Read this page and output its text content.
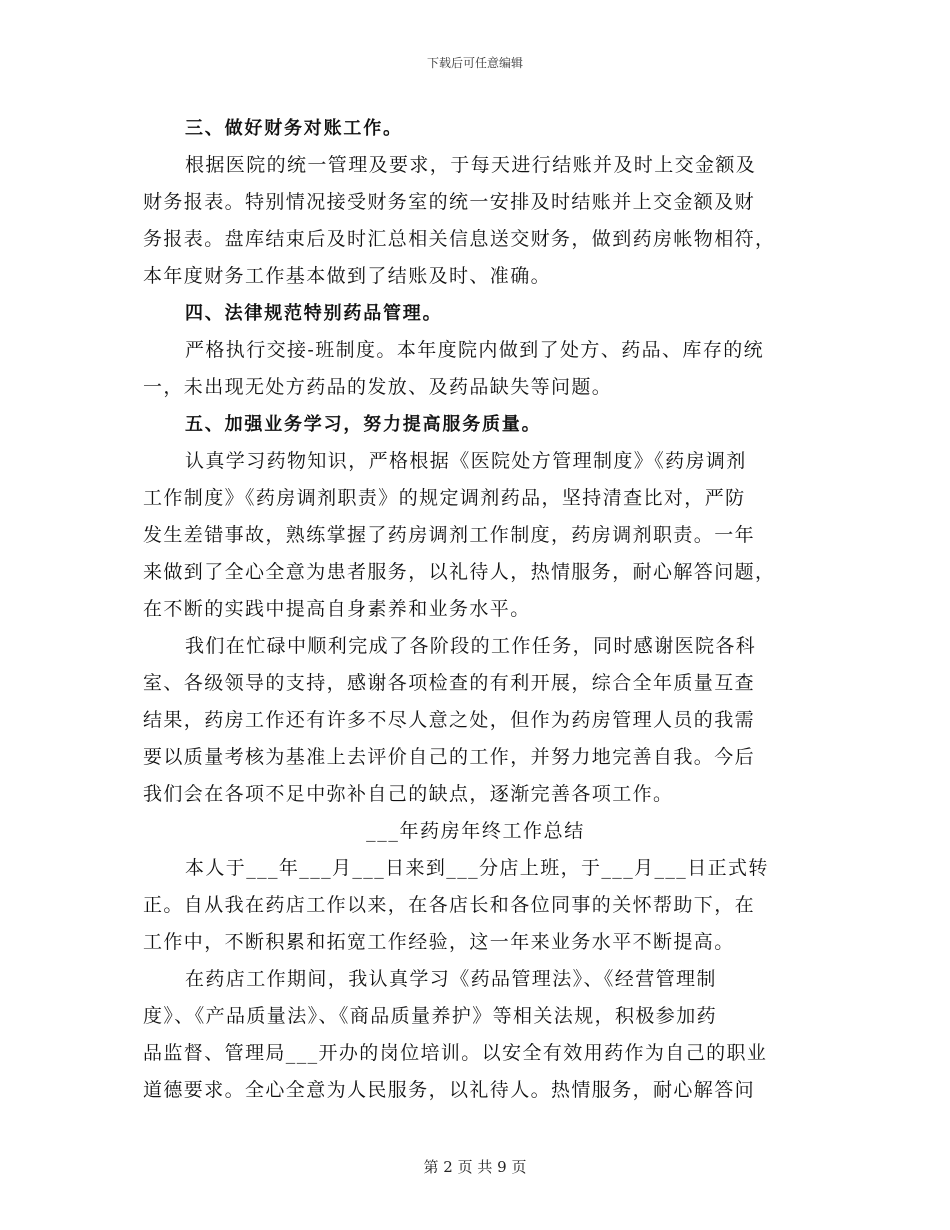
下载后可任意编辑
三、做好财务对账工作。
根据医院的统一管理及要求，于每天进行结账并及时上交金额及
财务报表。特别情况接受财务室的统一安排及时结账并上交金额及财
务报表。盘库结束后及时汇总相关信息送交财务，做到药房帐物相符，
本年度财务工作基本做到了结账及时、准确。
四、法律规范特别药品管理。
严格执行交接-班制度。本年度院内做到了处方、药品、库存的统
一，未出现无处方药品的发放、及药品缺失等问题。
五、加强业务学习，努力提高服务质量。
认真学习药物知识，严格根据《医院处方管理制度》《药房调剂
工作制度》《药房调剂职责》的规定调剂药品，坚持清查比对，严防
发生差错事故，熟练掌握了药房调剂工作制度，药房调剂职责。一年
来做到了全心全意为患者服务，以礼待人，热情服务，耐心解答问题，
在不断的实践中提高自身素养和业务水平。
我们在忙碌中顺利完成了各阶段的工作任务，同时感谢医院各科
室、各级领导的支持，感谢各项检查的有利开展，综合全年质量互查
结果，药房工作还有许多不尽人意之处，但作为药房管理人员的我需
要以质量考核为基准上去评价自己的工作，并努力地完善自我。今后
我们会在各项不足中弥补自己的缺点，逐渐完善各项工作。
___年药房年终工作总结
本人于___年___月___日来到___分店上班，于___月___日正式转
正。自从我在药店工作以来，在各店长和各位同事的关怀帮助下，在
工作中，不断积累和拓宽工作经验，这一年来业务水平不断提高。
在药店工作期间，我认真学习《药品管理法》、《经营管理制
度》、《产品质量法》、《商品质量养护》等相关法规，积极参加药
品监督、管理局___开办的岗位培训。以安全有效用药作为自己的职业
道德要求。全心全意为人民服务，以礼待人。热情服务，耐心解答问
第 2 页 共 9 页
